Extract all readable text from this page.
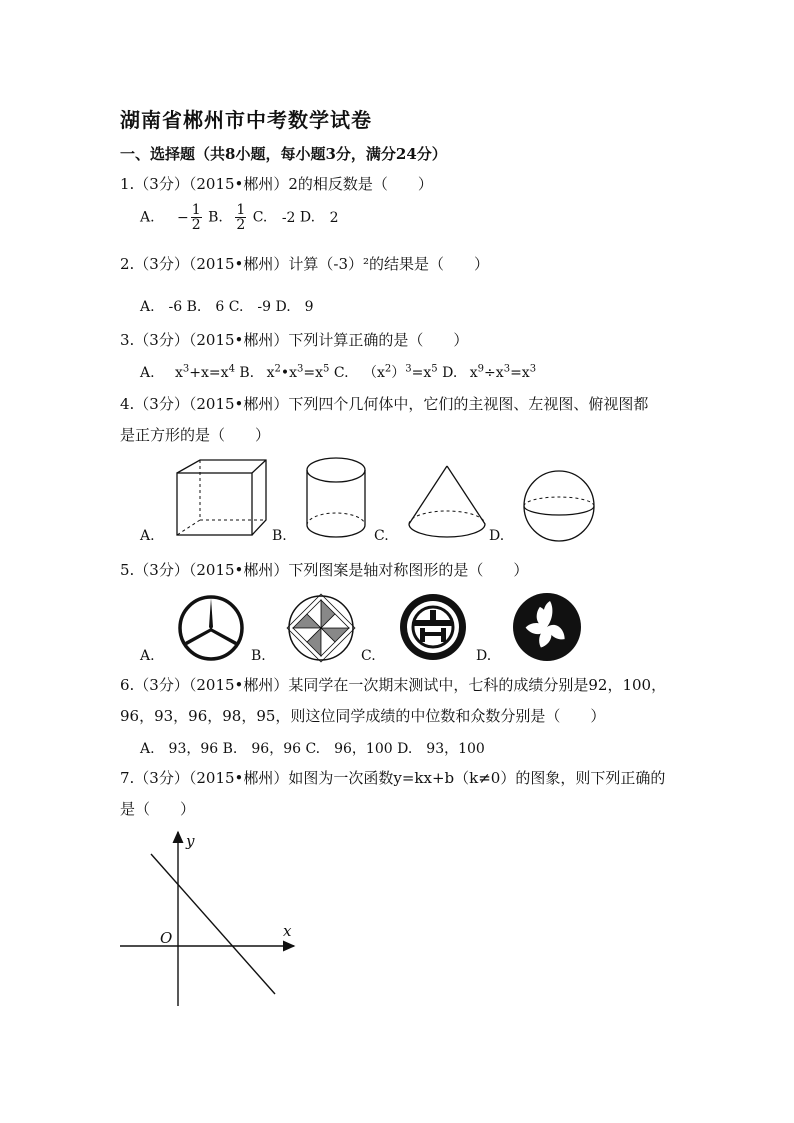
湖南省郴州市中考数学试卷
一、选择题（共8小题，每小题3分，满分24分）
1.（3分）（2015•郴州）2的相反数是（　　）
A. − $\frac{1}{2} B$. $\frac{1}{2} C$. -2 D. 2
2.（3分）（2015•郴州）计算（-3）²的结果是（　　）
A.　-6 B.　6 C.　-9 D.　9
3.（3分）（2015•郴州）下列计算正确的是（　　）
A. $x^3+x=x^4$ B. $x^2•x^3=x^5$ C. $(x^2)^3=x^5$ D. $x^9\div x^3=x^3$
4.（3分）（2015•郴州）下列四个几何体中，它们的主视图、左视图、俯视图都
是正方形的是（　　）
A.	B.	C.	D.
5.（3分）（2015•郴州）下列图案是轴对称图形的是（　　）
A.	B.	C.	D.
6.（3分）（2015•郴州）某同学在一次期末测试中，七科的成绩分别是92，100，
96，93，96，98，95，则这位同学成绩的中位数和众数分别是（　　）
A.　93，96 B.　96，96 C.　96，100 D.　93，100
7.（3分）（2015•郴州）如图为一次函数y=kx+b（k≠0）的图象，则下列正确的
是（　　）
y
x
O
